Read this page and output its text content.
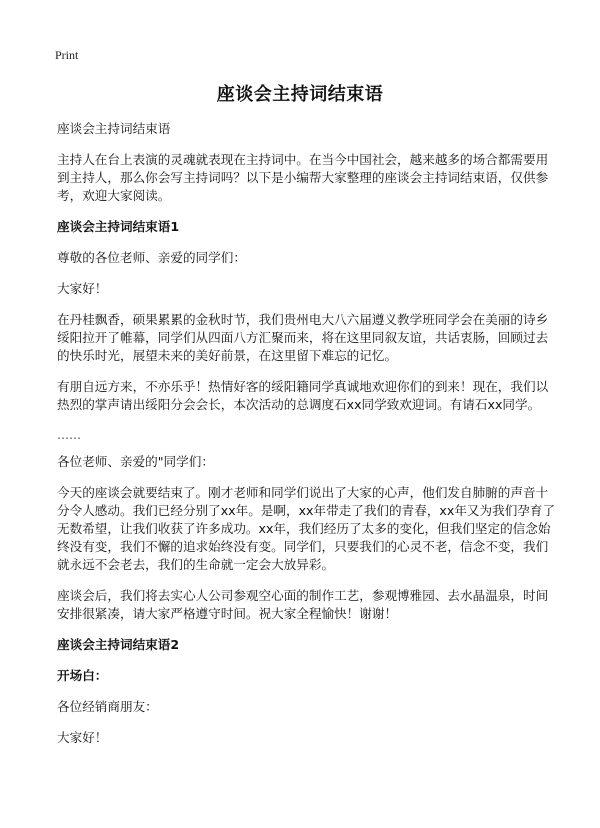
Print
座谈会主持词结束语

座谈会主持词结束语

主持人在台上表演的灵魂就表现在主持词中。在当今中国社会，越来越多的场合都需要用到主持人，那么你会写主持词吗？以下是小编帮大家整理的座谈会主持词结束语，仅供参考，欢迎大家阅读。

座谈会主持词结束语1

尊敬的各位老师、亲爱的同学们：

大家好！

在丹桂飘香，硕果累累的金秋时节，我们贵州电大八六届遵义教学班同学会在美丽的诗乡绥阳拉开了帷幕，同学们从四面八方汇聚而来，将在这里同叙友谊，共话衷肠，回顾过去的快乐时光，展望未来的美好前景，在这里留下难忘的记忆。

有朋自远方来，不亦乐乎！热情好客的绥阳籍同学真诚地欢迎你们的到来！现在，我们以热烈的掌声请出绥阳分会会长，本次活动的总调度石xx同学致欢迎词。有请石xx同学。

……

各位老师、亲爱的"同学们：

今天的座谈会就要结束了。刚才老师和同学们说出了大家的心声，他们发自肺腑的声音十分令人感动。我们已经分别了xx年。是啊，xx年带走了我们的青春，xx年又为我们孕育了无数希望，让我们收获了许多成功。xx年，我们经历了太多的变化，但我们坚定的信念始终没有变，我们不懈的追求始终没有变。同学们，只要我们的心灵不老，信念不变，我们就永远不会老去，我们的生命就一定会大放异彩。

座谈会后，我们将去实心人公司参观空心面的制作工艺，参观博雅园、去水晶温泉，时间安排很紧凑，请大家严格遵守时间。祝大家全程愉快！谢谢！

座谈会主持词结束语2

开场白：

各位经销商朋友：

大家好！
